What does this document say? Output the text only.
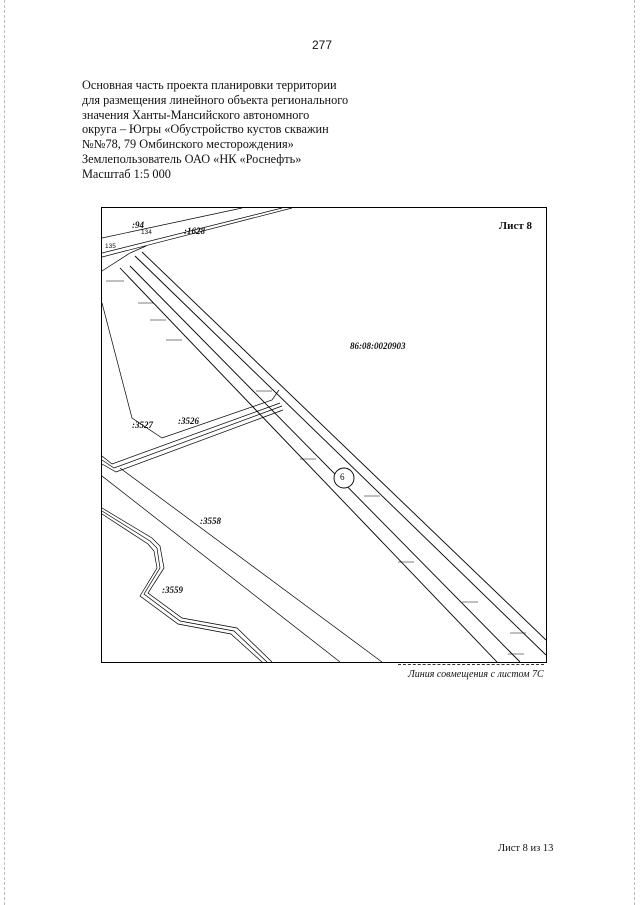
277
Основная часть проекта планировки территории
для размещения линейного объекта регионального
значения Ханты-Мансийского автономного
округа – Югры «Обустройство кустов скважин
№№78, 79 Омбинского месторождения»
Землепользователь ОАО «НК «Роснефть»
Масштаб 1:5 000
Лист 8
86:08:0020903
6
:94
:1628
:3527	:3526
:3558
:3559
134
135
Линия совмещения с листом 7С
Лист 8 из 13
